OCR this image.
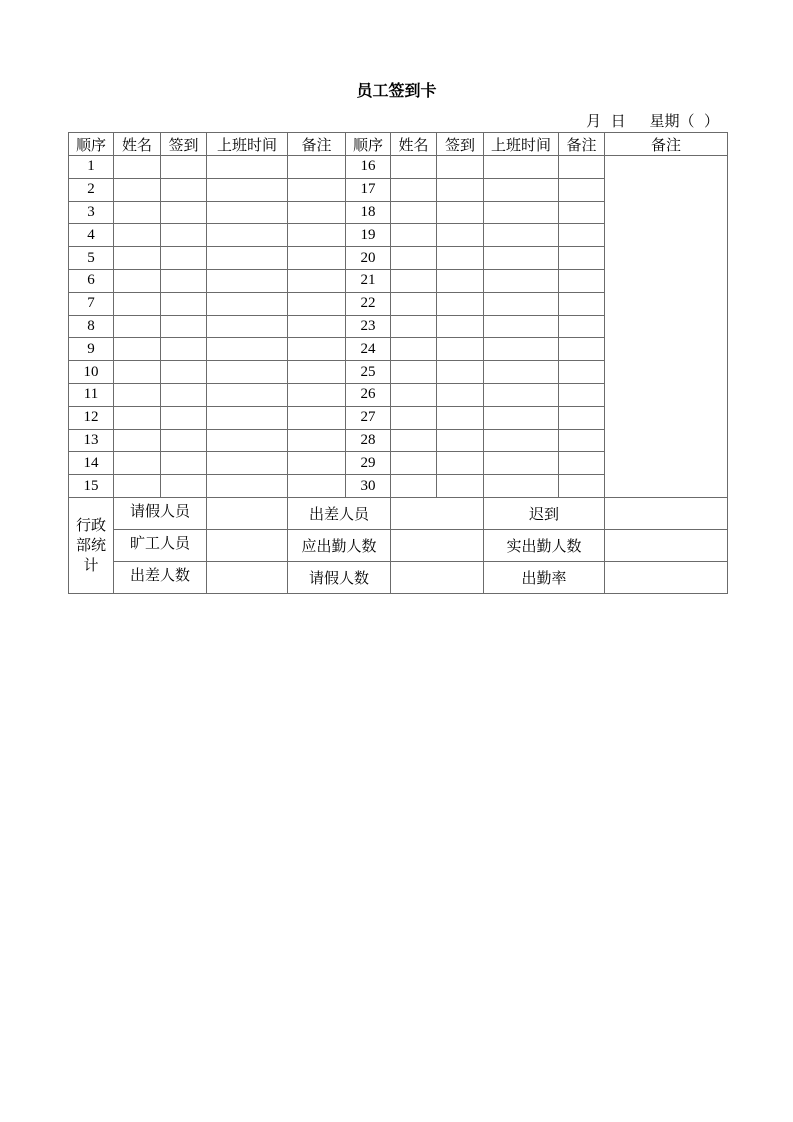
员工签到卡
月  日     星期（  ）
顺序	姓名	签到	上班时间	备注	顺序	姓名	签到	上班时间	备注	备注
1					16					
2					17					
3					18					
4					19					
5					20					
6					21					
7					22					
8					23					
9					24					
10					25					
11					26					
12					27					
13					28					
14					29					
15					30					
行政部统计	请假人员			出差人员				迟到		
	旷工人员			应出勤人数				实出勤人数		
	出差人数			请假人数				出勤率		
